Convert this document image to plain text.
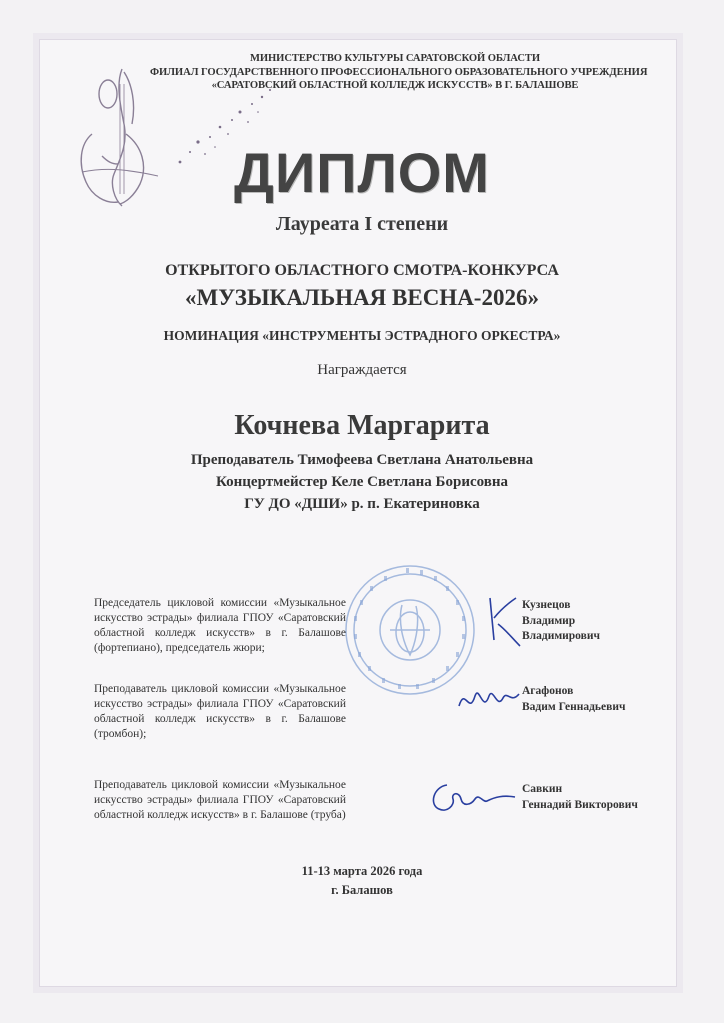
МИНИСТЕРСТВО КУЛЬТУРЫ САРАТОВСКОЙ ОБЛАСТИ
ФИЛИАЛ ГОСУДАРСТВЕННОГО ПРОФЕССИОНАЛЬНОГО ОБРАЗОВАТЕЛЬНОГО УЧРЕЖДЕНИЯ
«САРАТОВСКИЙ ОБЛАСТНОЙ КОЛЛЕДЖ ИСКУССТВ» В Г. БАЛАШОВЕ
ДИПЛОМ
Лауреата I степени
ОТКРЫТОГО ОБЛАСТНОГО СМОТРА-КОНКУРСА
«МУЗЫКАЛЬНАЯ ВЕСНА-2026»
НОМИНАЦИЯ «ИНСТРУМЕНТЫ ЭСТРАДНОГО ОРКЕСТРА»
Награждается
Кочнева Маргарита
Преподаватель Тимофеева Светлана Анатольевна
Концертмейстер Келе Светлана Борисовна
ГУ ДО «ДШИ» р. п. Екатериновка
Председатель цикловой комиссии «Музыкальное искусство эстрады» филиала ГПОУ «Саратовский областной колледж искусств» в г. Балашове (фортепиано), председатель жюри;
Преподаватель цикловой комиссии «Музыкальное искусство эстрады» филиала ГПОУ «Саратовский областной колледж искусств» в г. Балашове (тромбон);
Преподаватель цикловой комиссии «Музыкальное искусство эстрады» филиала ГПОУ «Саратовский областной колледж искусств» в г. Балашове (труба)
Кузнецов
Владимир
Владимирович
Агафонов
Вадим Геннадьевич
Савкин
Геннадий Викторович
11-13 марта 2026 года
г. Балашов
